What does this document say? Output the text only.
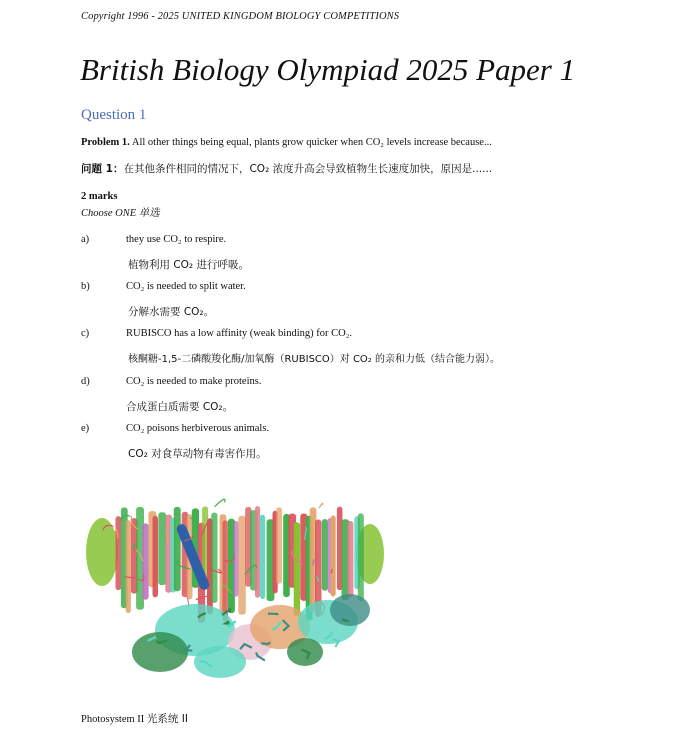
Copyright 1996 - 2025 UNITED KINGDOM BIOLOGY COMPETITIONS
British Biology Olympiad 2025 Paper 1
Question 1
Problem 1. All other things being equal, plants grow quicker when CO₂ levels increase because...
问题 1：在其他条件相同的情况下，CO₂ 浓度升高会导致植物生长速度加快，原因是......
2 marks
Choose ONE 单选
a)	they use CO₂ to respire.
植物利用 CO₂ 进行呼吸。
b)	CO₂ is needed to split water.
分解水需要 CO₂。
c)	RUBISCO has a low affinity (weak binding) for CO₂.
核酮糖-1,5-二磷酸羧化酶/加氧酶（RUBISCO）对 CO₂ 的亲和力低（结合能力弱）。
d)	CO₂ is needed to make proteins.
合成蛋白质需要 CO₂。
e)	CO₂ poisons herbiverous animals.
CO₂ 对食草动物有毒害作用。
Photosystem II 光系统 II
